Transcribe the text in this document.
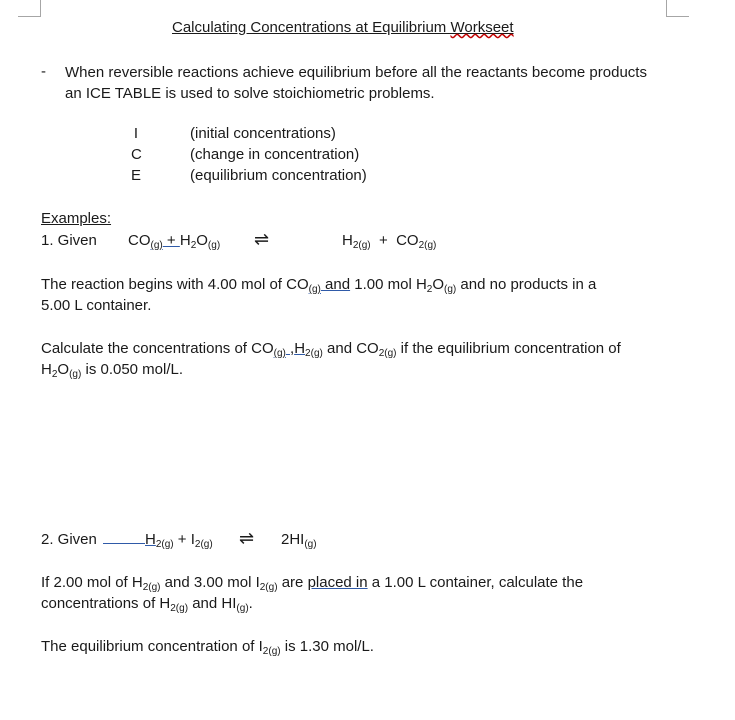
Calculating Concentrations at Equilibrium Workseet
- When reversible reactions achieve equilibrium before all the reactants become products an ICE TABLE is used to solve stoichiometric problems.
I	(initial concentrations)
C	(change in concentration)
E	(equilibrium concentration)
Examples:
1. Given $CO_{(g)} + H_2O_{(g)}$ ⇌	$H_{2(g)} + CO_{2(g)}$

The reaction begins with 4.00 mol of $CO_{(g)}$ and 1.00 mol $H_2O_{(g)}$ and no products in a

5.00 L container.

Calculate the concentrations of $CO_{(g)}$ $,H_{2(g)}$ and $CO_{2(g)}$ if the equilibrium concentration of

$H_2O_{(g)}$ is 0.050 mol/L.

2. Given	$H_{2(g)} + I_{2(g)}$ ⇌ $2HI_{(g)}$

If 2.00 mol of $H_{2(g)}$ and 3.00 mol $I_{2(g)}$ are placed in a 1.00 L container, calculate the

concentrations of $H_{2(g)}$ and $HI_{(g)}$.

The equilibrium concentration of $I_{2(g)}$ is 1.30 mol/L.
